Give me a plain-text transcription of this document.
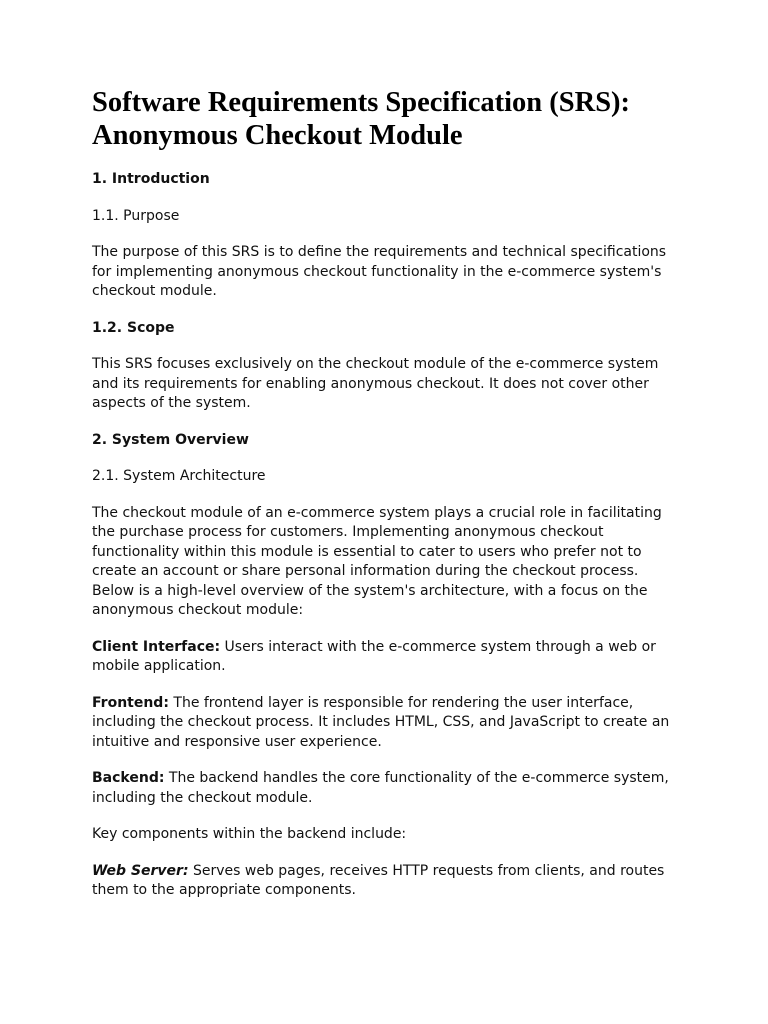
Software Requirements Specification (SRS):
Anonymous Checkout Module
1. Introduction
1.1. Purpose

The purpose of this SRS is to define the requirements and technical specifications for implementing anonymous checkout functionality in the e-commerce system's checkout module.

1.2. Scope

This SRS focuses exclusively on the checkout module of the e-commerce system and its requirements for enabling anonymous checkout. It does not cover other aspects of the system.

2. System Overview
2.1. System Architecture

The checkout module of an e-commerce system plays a crucial role in facilitating the purchase process for customers. Implementing anonymous checkout functionality within this module is essential to cater to users who prefer not to create an account or share personal information during the checkout process. Below is a high-level overview of the system's architecture, with a focus on the anonymous checkout module:

Client Interface: Users interact with the e-commerce system through a web or mobile application.

Frontend: The frontend layer is responsible for rendering the user interface, including the checkout process. It includes HTML, CSS, and JavaScript to create an intuitive and responsive user experience.

Backend: The backend handles the core functionality of the e-commerce system, including the checkout module.

Key components within the backend include:

Web Server: Serves web pages, receives HTTP requests from clients, and routes them to the appropriate components.
